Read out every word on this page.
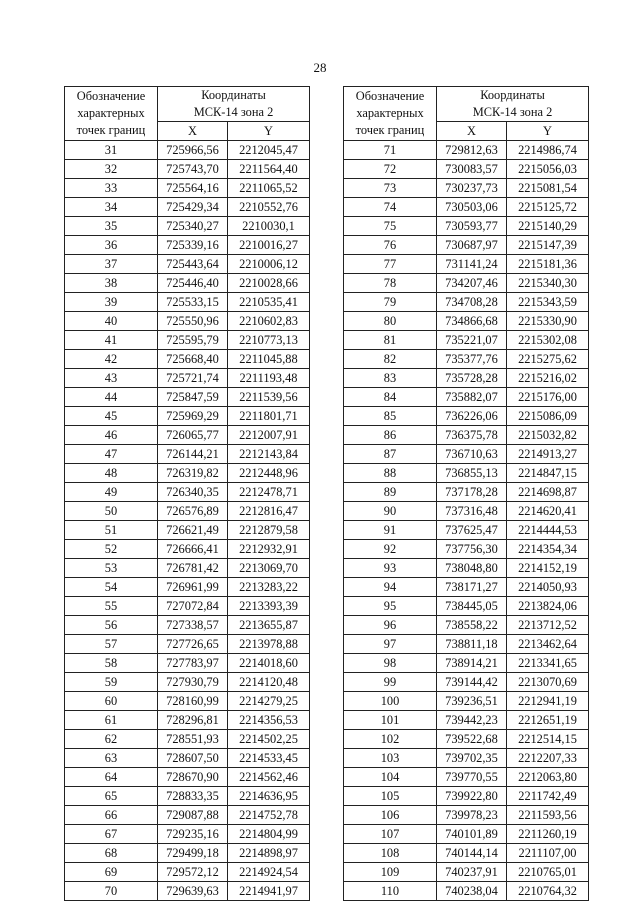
28
Обозначение
характерных
точек границ	Координаты
МСК-14 зона 2	

	X	Y
31	725966,56	2212045,47
32	725743,70	2211564,40
33	725564,16	2211065,52
34	725429,34	2210552,76
35	725340,27	2210030,1
36	725339,16	2210016,27
37	725443,64	2210006,12
38	725446,40	2210028,66
39	725533,15	2210535,41
40	725550,96	2210602,83
41	725595,79	2210773,13
42	725668,40	2211045,88
43	725721,74	2211193,48
44	725847,59	2211539,56
45	725969,29	2211801,71
46	726065,77	2212007,91
47	726144,21	2212143,84
48	726319,82	2212448,96
49	726340,35	2212478,71
50	726576,89	2212816,47
51	726621,49	2212879,58
52	726666,41	2212932,91
53	726781,42	2213069,70
54	726961,99	2213283,22
55	727072,84	2213393,39
56	727338,57	2213655,87
57	727726,65	2213978,88
58	727783,97	2214018,60
59	727930,79	2214120,48
60	728160,99	2214279,25
61	728296,81	2214356,53
62	728551,93	2214502,25
63	728607,50	2214533,45
64	728670,90	2214562,46
65	728833,35	2214636,95
66	729087,88	2214752,78
67	729235,16	2214804,99
68	729499,18	2214898,97
69	729572,12	2214924,54
70	729639,63	2214941,97
Обозначение
характерных
точек границ	Координаты
МСК-14 зона 2	

	X	Y
71	729812,63	2214986,74
72	730083,57	2215056,03
73	730237,73	2215081,54
74	730503,06	2215125,72
75	730593,77	2215140,29
76	730687,97	2215147,39
77	731141,24	2215181,36
78	734207,46	2215340,30
79	734708,28	2215343,59
80	734866,68	2215330,90
81	735221,07	2215302,08
82	735377,76	2215275,62
83	735728,28	2215216,02
84	735882,07	2215176,00
85	736226,06	2215086,09
86	736375,78	2215032,82
87	736710,63	2214913,27
88	736855,13	2214847,15
89	737178,28	2214698,87
90	737316,48	2214620,41
91	737625,47	2214444,53
92	737756,30	2214354,34
93	738048,80	2214152,19
94	738171,27	2214050,93
95	738445,05	2213824,06
96	738558,22	2213712,52
97	738811,18	2213462,64
98	738914,21	2213341,65
99	739144,42	2213070,69
100	739236,51	2212941,19
101	739442,23	2212651,19
102	739522,68	2212514,15
103	739702,35	2212207,33
104	739770,55	2212063,80
105	739922,80	2211742,49
106	739978,23	2211593,56
107	740101,89	2211260,19
108	740144,14	2211107,00
109	740237,91	2210765,01
110	740238,04	2210764,32
